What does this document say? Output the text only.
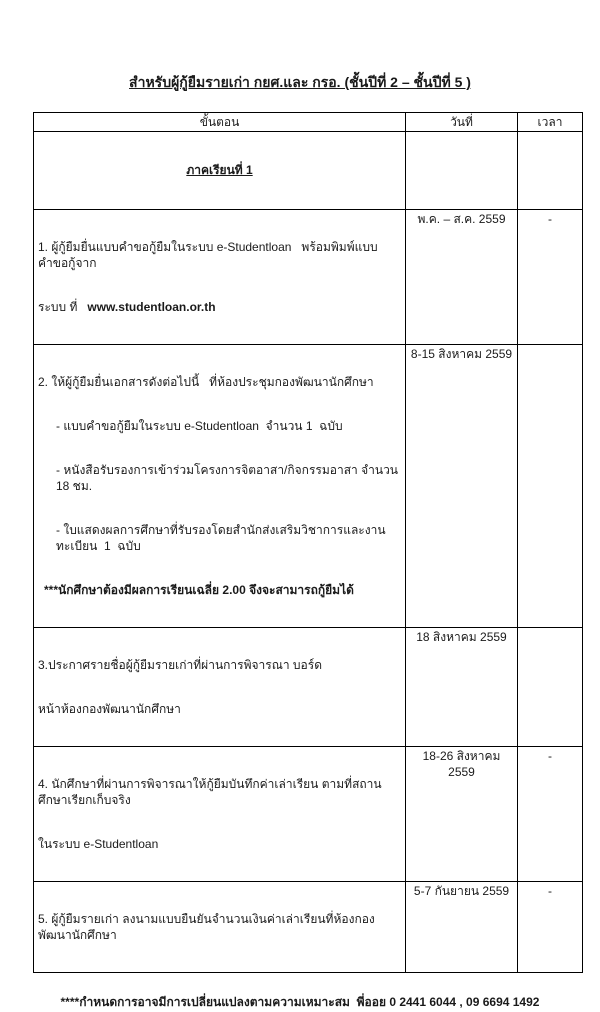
สำหรับผู้กู้ยืมรายเก่า กยศ.และ กรอ. (ชั้นปีที่ 2 – ชั้นปีที่ 5 )
ขั้นตอน	วันที่	เวลา

ภาคเรียนที่ 1		

1. ผู้กู้ยืมยื่นแบบคำขอกู้ยืมในระบบ e-Studentloan   พร้อมพิมพ์แบบคำขอกู้จาก

ระบบ ที่   www.studentloan.or.th	พ.ค. – ส.ค. 2559	-

2. ให้ผู้กู้ยืมยื่นเอกสารดังต่อไปนี้   ที่ห้องประชุมกองพัฒนานักศึกษา

- แบบคำขอกู้ยืมในระบบ e-Studentloan  จำนวน 1  ฉบับ

- หนังสือรับรองการเข้าร่วมโครงการจิตอาสา/กิจกรรมอาสา จำนวน 18 ชม.

- ใบแสดงผลการศึกษาที่รับรองโดยสำนักส่งเสริมวิชาการและงานทะเบียน  1  ฉบับ

***นักศึกษาต้องมีผลการเรียนเฉลี่ย 2.00 จึงจะสามารถกู้ยืมได้	8-15 สิงหาคม 2559	

3.ประกาศรายชื่อผู้กู้ยืมรายเก่าที่ผ่านการพิจารณา บอร์ด

หน้าห้องกองพัฒนานักศึกษา	18 สิงหาคม 2559	

4. นักศึกษาที่ผ่านการพิจารณาให้กู้ยืมบันทึกค่าเล่าเรียน ตามที่สถานศึกษาเรียกเก็บจริง

ในระบบ e-Studentloan	18-26 สิงหาคม 2559	-

5. ผู้กู้ยืมรายเก่า ลงนามแบบยืนยันจำนวนเงินค่าเล่าเรียนที่ห้องกองพัฒนานักศึกษา	5-7 กันยายน 2559	-
****กำหนดการอาจมีการเปลี่ยนแปลงตามความเหมาะสม  พี่ออย 0 2441 6044 , 09 6694 1492
